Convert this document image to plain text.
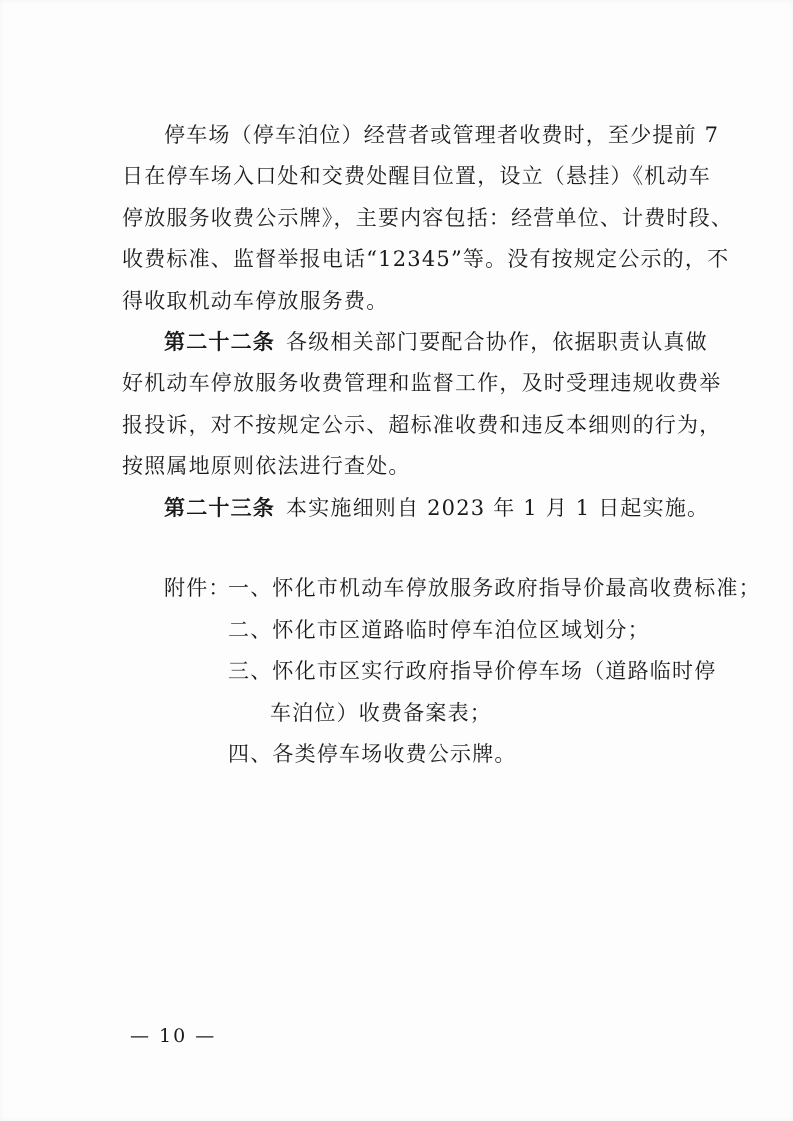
停车场（停车泊位）经营者或管理者收费时，至少提前 7
日在停车场入口处和交费处醒目位置，设立（悬挂）《机动车
停放服务收费公示牌》，主要内容包括：经营单位、计费时段、
收费标准、监督举报电话“12345”等。没有按规定公示的，不
得收取机动车停放服务费。
第二十二条 各级相关部门要配合协作，依据职责认真做
好机动车停放服务收费管理和监督工作，及时受理违规收费举
报投诉，对不按规定公示、超标准收费和违反本细则的行为，
按照属地原则依法进行查处。
第二十三条 本实施细则自 2023 年 1 月 1 日起实施。
附件：
一、怀化市机动车停放服务政府指导价最高收费标准；
二、怀化市区道路临时停车泊位区域划分；
三、怀化市区实行政府指导价停车场（道路临时停
车泊位）收费备案表；
四、各类停车场收费公示牌。
— 10 —
